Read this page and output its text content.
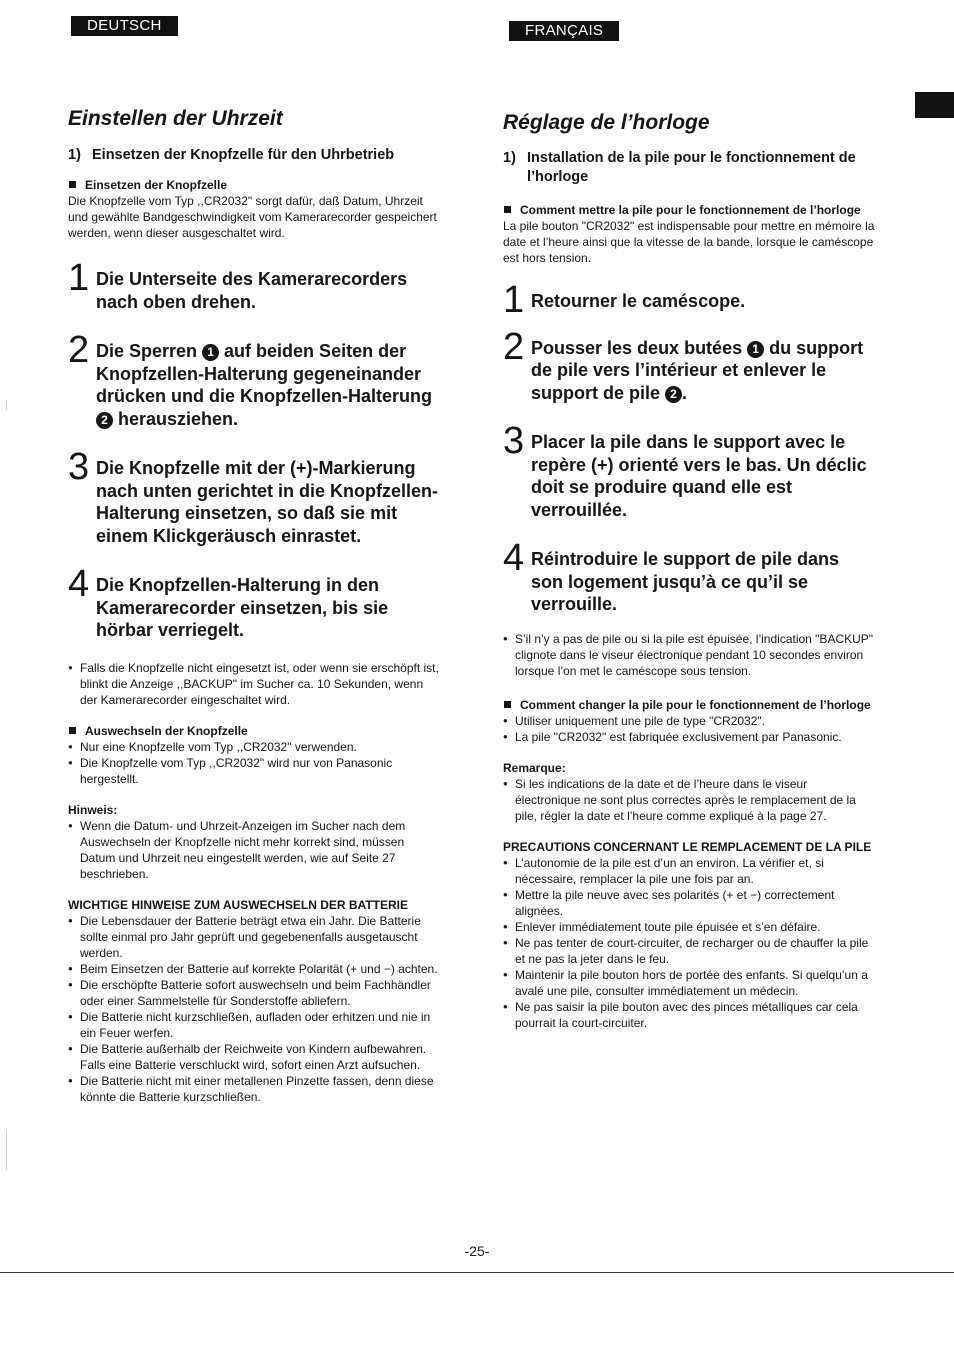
DEUTSCH	FRANÇAIS
Einstellen der Uhrzeit
1) Einsetzen der Knopfzelle für den Uhrbetrieb
Einsetzen der Knopfzelle
Die Knopfzelle vom Typ ,,CR2032" sorgt dafür, daß Datum, Uhrzeit und gewählte Bandgeschwindigkeit vom Kamerarecorder gespeichert werden, wenn dieser ausgeschaltet wird.
1 Die Unterseite des Kamerarecorders nach oben drehen.
2 Die Sperren 1 auf beiden Seiten der Knopfzellen-Halterung gegeneinander drücken und die Knopfzellen-Halterung 2 herausziehen.
3 Die Knopfzelle mit der (+)-Markierung nach unten gerichtet in die Knopfzellen-Halterung einsetzen, so daß sie mit einem Klickgeräusch einrastet.
4 Die Knopfzellen-Halterung in den Kamerarecorder einsetzen, bis sie hörbar verriegelt.
● Falls die Knopfzelle nicht eingesetzt ist, oder wenn sie erschöpft ist, blinkt die Anzeige ,,BACKUP" im Sucher ca. 10 Sekunden, wenn der Kamerarecorder eingeschaltet wird.
Auswechseln der Knopfzelle
● Nur eine Knopfzelle vom Typ ,,CR2032" verwenden.
● Die Knopfzelle vom Typ ,,CR2032" wird nur von Panasonic hergestellt.
Hinweis:
● Wenn die Datum- und Uhrzeit-Anzeigen im Sucher nach dem Auswechseln der Knopfzelle nicht mehr korrekt sind, müssen Datum und Uhrzeit neu eingestellt werden, wie auf Seite 27 beschrieben.
WICHTIGE HINWEISE ZUM AUSWECHSELN DER BATTERIE
● Die Lebensdauer der Batterie beträgt etwa ein Jahr. Die Batterie sollte einmal pro Jahr geprüft und gegebenenfalls ausgetauscht werden.
● Beim Einsetzen der Batterie auf korrekte Polarität (+ und −) achten.
● Die erschöpfte Batterie sofort auswechseln und beim Fachhändler oder einer Sammelstelle für Sonderstoffe abliefern.
● Die Batterie nicht kurzschließen, aufladen oder erhitzen und nie in ein Feuer werfen.
● Die Batterie außerhalb der Reichweite von Kindern aufbewahren. Falls eine Batterie verschluckt wird, sofort einen Arzt aufsuchen.
● Die Batterie nicht mit einer metallenen Pinzette fassen, denn diese könnte die Batterie kurzschließen.
Réglage de l’horloge
1) Installation de la pile pour le fonctionnement de l’horloge
Comment mettre la pile pour le fonctionnement de l’horloge
La pile bouton "CR2032" est indispensable pour mettre en mémoire la date et l’heure ainsi que la vitesse de la bande, lorsque le caméscope est hors tension.
1 Retourner le caméscope.
2 Pousser les deux butées 1 du support de pile vers l’intérieur et enlever le support de pile 2 .
3 Placer la pile dans le support avec le repère (+) orienté vers le bas. Un déclic doit se produire quand elle est verrouillée.
4 Réintroduire le support de pile dans son logement jusqu’à ce qu’il se verrouille.
● S’il n’y a pas de pile ou si la pile est épuisée, l’indication "BACKUP" clignote dans le viseur électronique pendant 10 secondes environ lorsque l’on met le caméscope sous tension.
Comment changer la pile pour le fonctionnement de l’horloge
● Utiliser uniquement une pile de type "CR2032".
● La pile "CR2032" est fabriquée exclusivement par Panasonic.
Remarque:
● Si les indications de la date et de l’heure dans le viseur électronique ne sont plus correctes après le remplacement de la pile, régler la date et l’heure comme expliqué à la page 27.
PRECAUTIONS CONCERNANT LE REMPLACEMENT DE LA PILE
● L’autonomie de la pile est d’un an environ. La vérifier et, si nécessaire, remplacer la pile une fois par an.
● Mettre la pile neuve avec ses polarités (+ et −) correctement alignées.
● Enlever immédiatement toute pile épuisée et s’en défaire.
● Ne pas tenter de court-circuiter, de recharger ou de chauffer la pile et ne pas la jeter dans le feu.
● Maintenir la pile bouton hors de portée des enfants. Si quelqu’un a avalé une pile, consulter immédiatement un médecin.
● Ne pas saisir la pile bouton avec des pinces métalliques car cela pourrait la court-circuiter.
-25-
